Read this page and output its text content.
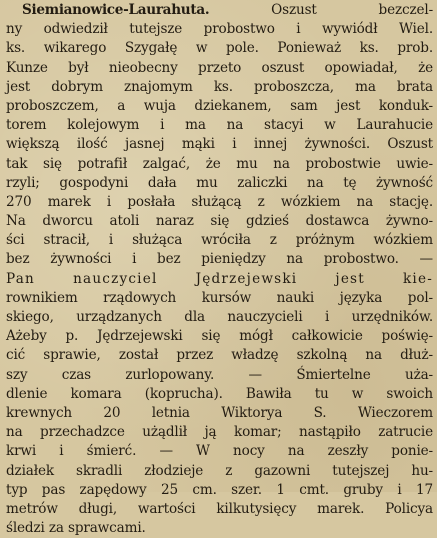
Siemianowice-Laurahuta.	Oszust bezczel-
ny odwiedził tutejsze probostwo i wywiódł Wiel.
ks. wikarego Szygałę w pole. Ponieważ ks. prob.
Kunze był nieobecny przeto oszust opowiadał, że
jest dobrym znajomym ks. proboszcza, ma brata
proboszczem, a wuja dziekanem, sam jest konduk-
torem kolejowym i ma na stacyi w Laurahucie
większą ilość jasnej mąki i innej żywności. Oszust
tak się potrafił zalgać, że mu na probostwie uwie-
rzyli; gospodyni dała mu zaliczki na tę żywność
270 marek i posłała służącą z wózkiem na stację.
Na dworcu atoli naraz się gdzieś dostawca żywno-
ści stracił, i służąca wróciła z próżnym wózkiem
bez żywności i bez pieniędzy na probostwo. —
Pan nauczyciel Jędrzejewski jest kie-
rownikiem rządowych kursów nauki języka pol-
skiego, urządzanych dla nauczycieli i urzędników.
Ażeby p. Jędrzejewski się mógł całkowicie poświę-
cić sprawie, został przez władzę szkolną na dłuż-
szy czas zurlopowany. — Śmiertelne uża-
dlenie komara (koprucha). Bawiła tu w swoich
krewnych 20 letnia Wiktorya S. Wieczorem
na przechadzce użądlił ją komar; nastąpiło zatrucie
krwi i śmierć. — W nocy na zeszły ponie-
działek skradli złodzieje z gazowni tutejszej hu-
typ pas zapędowy 25 cm. szer. 1 cmt. gruby i 17
metrów długi, wartości kilkutysięcy marek. Policya
śledzi za sprawcami.
